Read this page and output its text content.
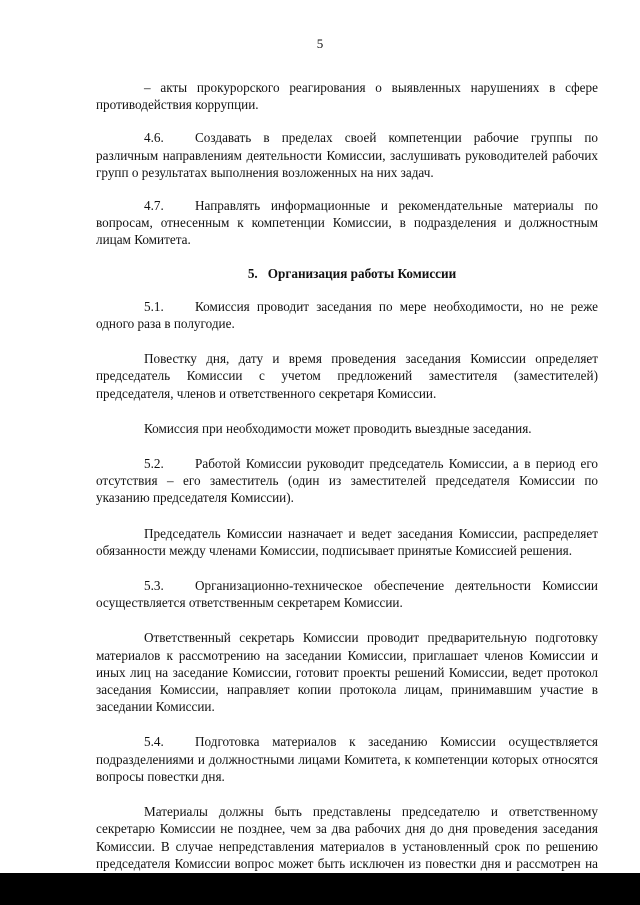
5

– акты прокурорского реагирования о выявленных нарушениях в сфере противодействия коррупции.

4.6. Создавать в пределах своей компетенции рабочие группы по различным направлениям деятельности Комиссии, заслушивать руководителей рабочих групп о результатах выполнения возложенных на них задач.

4.7. Направлять информационные и рекомендательные материалы по вопросам, отнесенным к компетенции Комиссии, в подразделения и должностным лицам Комитета.

5. Организация работы Комиссии

5.1. Комиссия проводит заседания по мере необходимости, но не реже одного раза в полугодие.

Повестку дня, дату и время проведения заседания Комиссии определяет председатель Комиссии с учетом предложений заместителя (заместителей) председателя, членов и ответственного секретаря Комиссии.

Комиссия при необходимости может проводить выездные заседания.

5.2. Работой Комиссии руководит председатель Комиссии, а в период его отсутствия – его заместитель (один из заместителей председателя Комиссии по указанию председателя Комиссии).

Председатель Комиссии назначает и ведет заседания Комиссии, распределяет обязанности между членами Комиссии, подписывает принятые Комиссией решения.

5.3. Организационно-техническое обеспечение деятельности Комиссии осуществляется ответственным секретарем Комиссии.

Ответственный секретарь Комиссии проводит предварительную подготовку материалов к рассмотрению на заседании Комиссии, приглашает членов Комиссии и иных лиц на заседание Комиссии, готовит проекты решений Комиссии, ведет протокол заседания Комиссии, направляет копии протокола лицам, принимавшим участие в заседании Комиссии.

5.4. Подготовка материалов к заседанию Комиссии осуществляется подразделениями и должностными лицами Комитета, к компетенции которых относятся вопросы повестки дня.

Материалы должны быть представлены председателю и ответственному секретарю Комиссии не позднее, чем за два рабочих дня до дня проведения заседания Комиссии. В случае непредставления материалов в установленный срок по решению председателя Комиссии вопрос может быть исключен из повестки дня и рассмотрен на
